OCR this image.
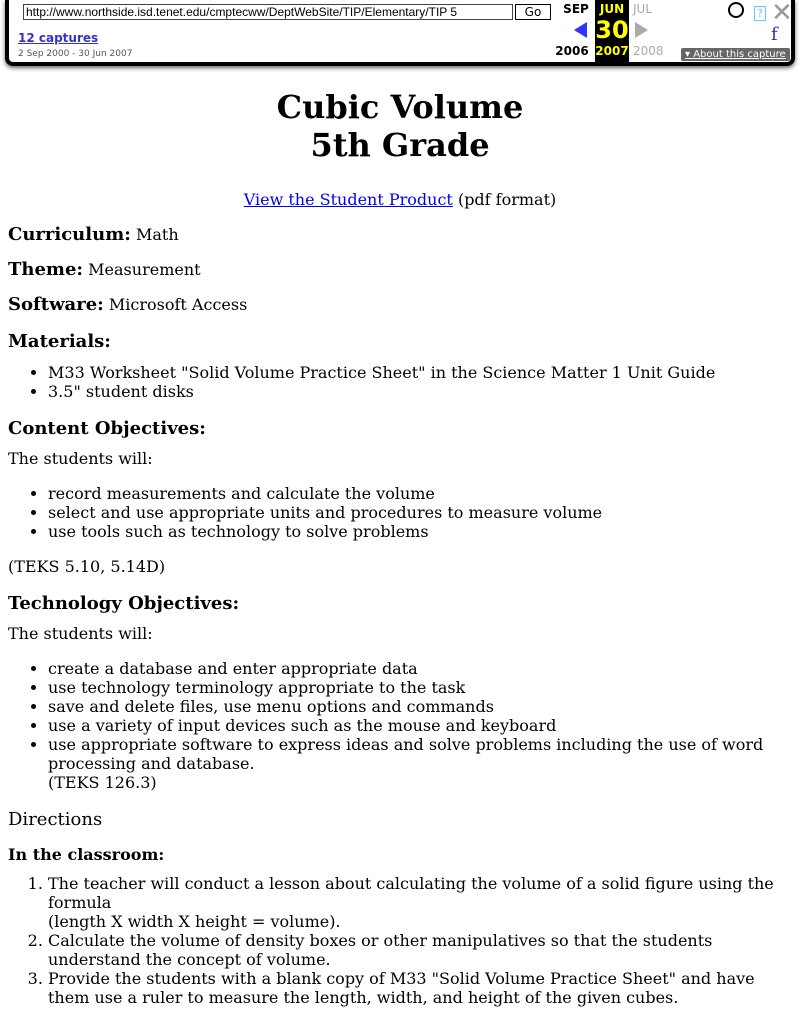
http://www.northside.isd.tenet.edu/cmptecww/DeptWebSite/TIP/Elementary/TIP 5	Go
12 captures
2 Sep 2000 - 30 Jun 2007
SEP JUN JUL
30
2006 2007 2008
? ✕
f
▾ About this capture
Cubic Volume
5th Grade

View the Student Product (pdf format)

Curriculum: Math

Theme: Measurement

Software: Microsoft Access

Materials:
• M33 Worksheet "Solid Volume Practice Sheet" in the Science Matter 1 Unit Guide
• 3.5" student disks
Content Objectives:

The students will:

• record measurements and calculate the volume
• select and use appropriate units and procedures to measure volume
• use tools such as technology to solve problems

(TEKS 5.10, 5.14D)

Technology Objectives:

The students will:

• create a database and enter appropriate data
• use technology terminology appropriate to the task
• save and delete files, use menu options and commands
• use a variety of input devices such as the mouse and keyboard
• use appropriate software to express ideas and solve problems including the use of word processing and database.
(TEKS 126.3)

Directions

In the classroom:
1. The teacher will conduct a lesson about calculating the volume of a solid figure using the formula
(length X width X height = volume).
2. Calculate the volume of density boxes or other manipulatives so that the students understand the concept of volume.
3. Provide the students with a blank copy of M33 "Solid Volume Practice Sheet" and have them use a ruler to measure the length, width, and height of the given cubes.
